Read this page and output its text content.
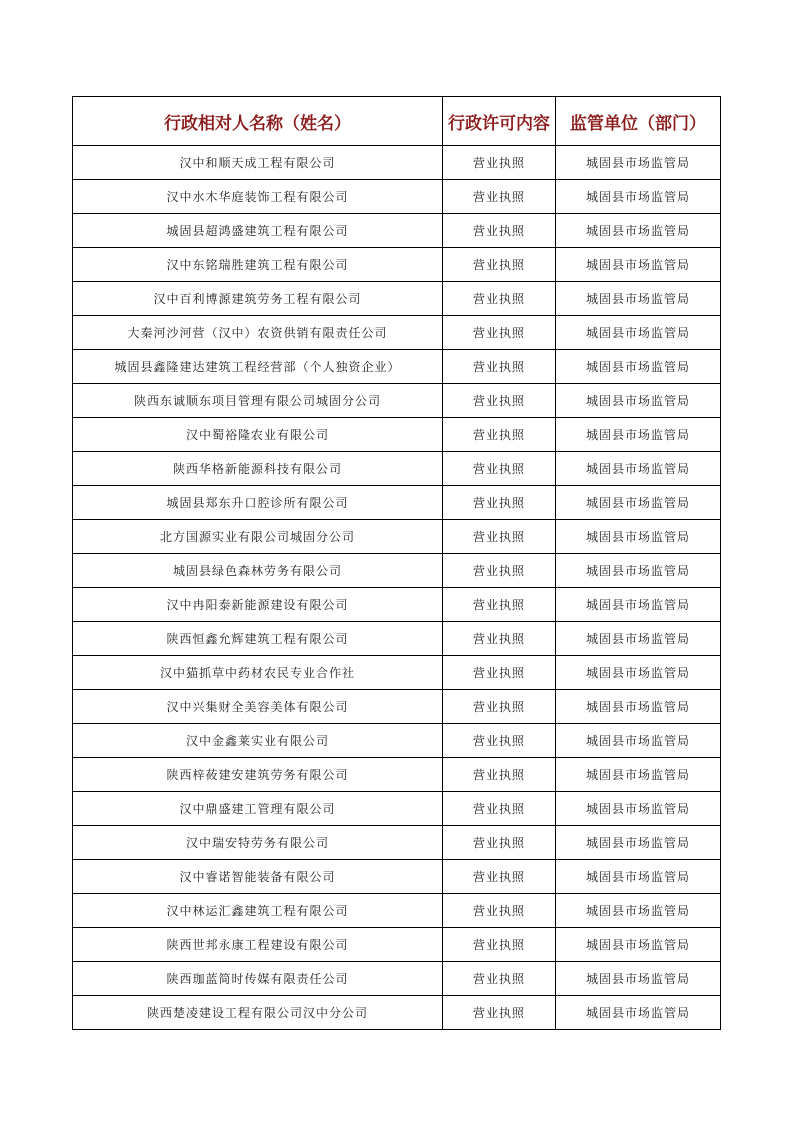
行政相对人名称（姓名）	行政许可内容	监管单位（部门）
汉中和顺天成工程有限公司	营业执照	城固县市场监管局
汉中水木华庭装饰工程有限公司	营业执照	城固县市场监管局
城固县超鸿盛建筑工程有限公司	营业执照	城固县市场监管局
汉中东铭瑞胜建筑工程有限公司	营业执照	城固县市场监管局
汉中百利博源建筑劳务工程有限公司	营业执照	城固县市场监管局
大秦河沙河营（汉中）农资供销有限责任公司	营业执照	城固县市场监管局
城固县鑫隆建达建筑工程经营部（个人独资企业）	营业执照	城固县市场监管局
陕西东诚顺东项目管理有限公司城固分公司	营业执照	城固县市场监管局
汉中蜀裕隆农业有限公司	营业执照	城固县市场监管局
陕西华格新能源科技有限公司	营业执照	城固县市场监管局
城固县郑东升口腔诊所有限公司	营业执照	城固县市场监管局
北方国源实业有限公司城固分公司	营业执照	城固县市场监管局
城固县绿色森林劳务有限公司	营业执照	城固县市场监管局
汉中冉阳泰新能源建设有限公司	营业执照	城固县市场监管局
陕西恒鑫允辉建筑工程有限公司	营业执照	城固县市场监管局
汉中猫抓草中药材农民专业合作社	营业执照	城固县市场监管局
汉中兴集财全美容美体有限公司	营业执照	城固县市场监管局
汉中金鑫莱实业有限公司	营业执照	城固县市场监管局
陕西梓莜建安建筑劳务有限公司	营业执照	城固县市场监管局
汉中鼎盛建工管理有限公司	营业执照	城固县市场监管局
汉中瑞安特劳务有限公司	营业执照	城固县市场监管局
汉中睿诺智能装备有限公司	营业执照	城固县市场监管局
汉中林运汇鑫建筑工程有限公司	营业执照	城固县市场监管局
陕西世邦永康工程建设有限公司	营业执照	城固县市场监管局
陕西珈蓝简时传媒有限责任公司	营业执照	城固县市场监管局
陕西楚凌建设工程有限公司汉中分公司	营业执照	城固县市场监管局
